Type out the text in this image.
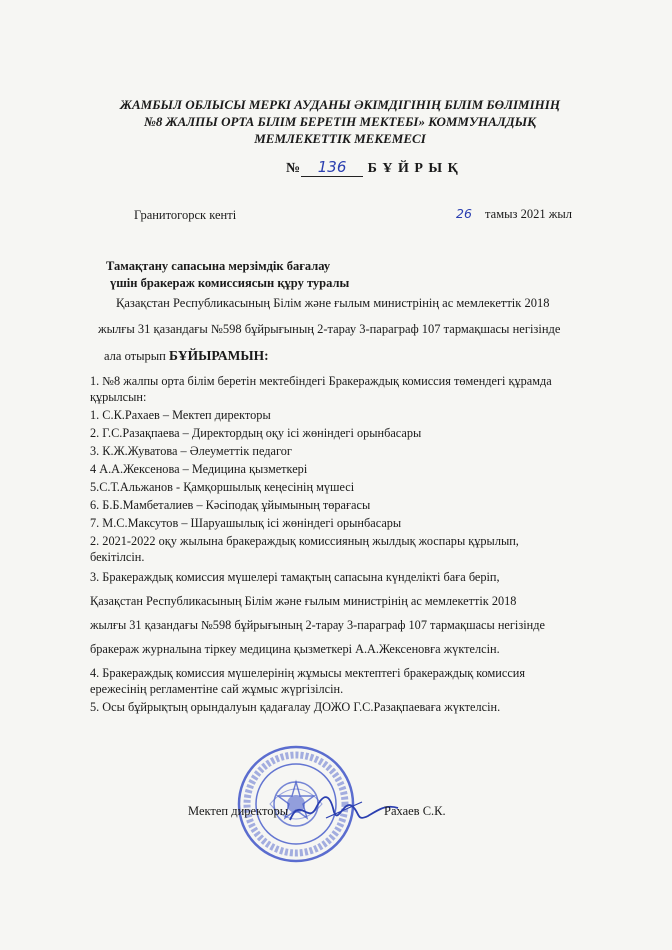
ЖАМБЫЛ ОБЛЫСЫ МЕРКІ АУДАНЫ ӘКІМДІГІНІҢ БІЛІМ БӨЛІМІНІҢ
№8 ЖАЛПЫ ОРТА БІЛІМ БЕРЕТІН МЕКТЕБІ» КОММУНАЛДЫҚ
МЕМЛЕКЕТТІК МЕКЕМЕСІ
№ 136 Б Ұ Й Р Ы Қ
Гранитогорск кенті	26 тамыз 2021 жыл
Тамақтану сапасына мерзімдік бағалау
үшін бракераж комиссиясын құру туралы
Қазақстан Республикасының Білім және ғылым министрінің ас мемлекеттік 2018
жылғы 31 қазандағы №598 бұйрығының 2-тарау 3-параграф 107 тармақшасы негізінде
ала отырып БҰЙЫРАМЫН:
1. №8 жалпы орта білім беретін мектебіндегі Бракераждық комиссия төмендегі құрамда
құрылсын:
1. С.К.Рахаев – Мектеп директоры
2. Г.С.Разақпаева – Директордың оқу ісі жөніндегі орынбасары
3. К.Ж.Жуватова – Әлеуметтік педагог
4 А.А.Жексенова – Медицина қызметкері
5.С.Т.Альжанов - Қамқоршылық кеңесінің мүшесі
6. Б.Б.Мамбеталиев – Кәсіподақ ұйымының төрағасы
7. М.С.Максутов – Шаруашылық ісі жөніндегі орынбасары
2. 2021-2022 оқу жылына бракераждық комиссияның жылдық жоспары құрылып,
бекітілсін.
3. Бракераждық комиссия мүшелері тамақтың сапасына күнделікті баға беріп,
Қазақстан Республикасының Білім және ғылым министрінің ас мемлекеттік 2018
жылғы 31 қазандағы №598 бұйрығының 2-тарау 3-параграф 107 тармақшасы негізінде
бракераж журналына тіркеу медицина қызметкері А.А.Жексеновға жүктелсін.
4. Бракераждық комиссия мүшелерінің жұмысы мектептегі бракераждық комиссия
ережесінің регламентіне сай жұмыс жүргізілсін.
5. Осы бұйрықтың орындалуын қадағалау ДОЖО Г.С.Разақпаеваға жүктелсін.
Мектеп директоры	Рахаев С.К.
